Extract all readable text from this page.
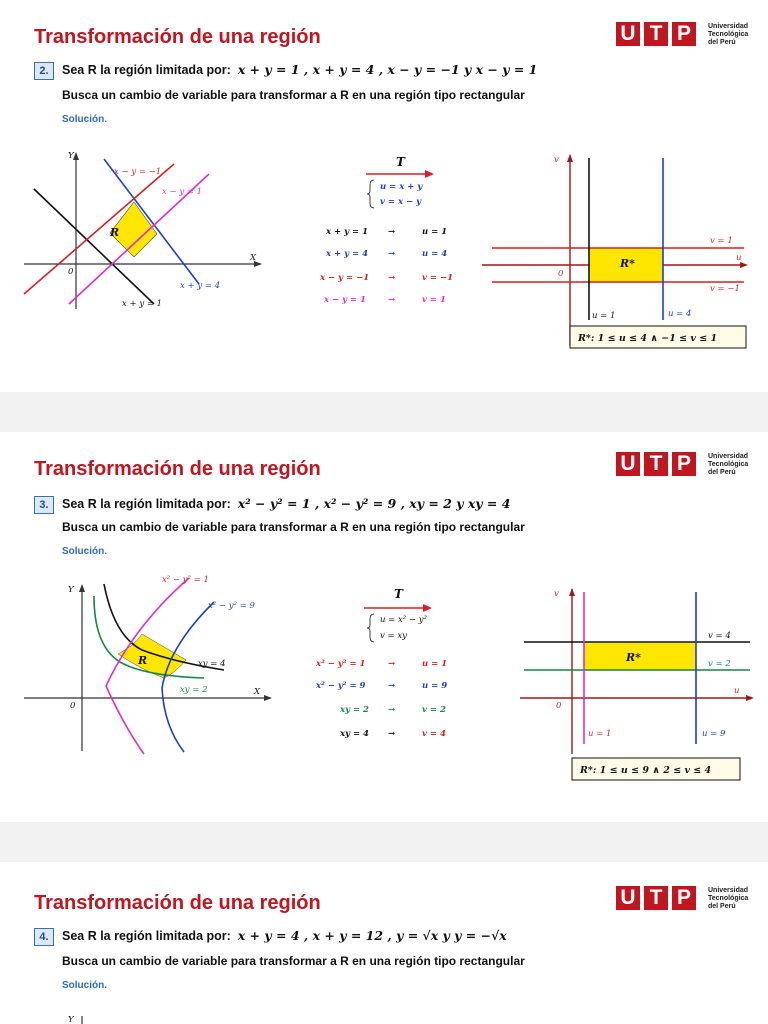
Transformación de una región	U T P Universidad
Tecnológica
del Perú
2. Sea R la región limitada por: x + y = 1 , x + y = 4 , x − y = −1 y x − y = 1
Busca un cambio de variable para transformar a R en una región tipo rectangular
Solución.
Y
X
0
R
x − y = −1
x − y = 1
x + y = 4
x + y = 1
T
u = x + y
v = x − y
x + y = 1 →	u = 1
x + y = 4 →	u = 4
x − y = −1 →	v = −1
x − y = 1	→	v = 1
v
u
0
R*
v = 1
v = −1
u = 1	u = 4
R*: 1 ≤ u ≤ 4 ∧ −1 ≤ v ≤ 1
Transformación de una región	U T P Universidad
Tecnológica
del Perú
3. Sea R la región limitada por: x² − y² = 1 , x² − y² = 9 , xy = 2 y xy = 4
Busca un cambio de variable para transformar a R en una región tipo rectangular
Solución.
Y
X
0
R
x² − y² = 1
x² − y² = 9
xy = 4
xy = 2
T
u = x² − y²
v = xy
x² − y² = 1	→	u = 1
x² − y² = 9	→	u = 9
xy = 2 →	v = 2
xy = 4 →	v = 4
v
u
0
R*
v = 4
v = 2
u = 1	u = 9
R*: 1 ≤ u ≤ 9 ∧ 2 ≤ v ≤ 4
Transformación de una región	U T P Universidad
Tecnológica
del Perú
4. Sea R la región limitada por: x + y = 4 , x + y = 12 , y = √x y y = −√x
Busca un cambio de variable para transformar a R en una región tipo rectangular
Solución.
Y
